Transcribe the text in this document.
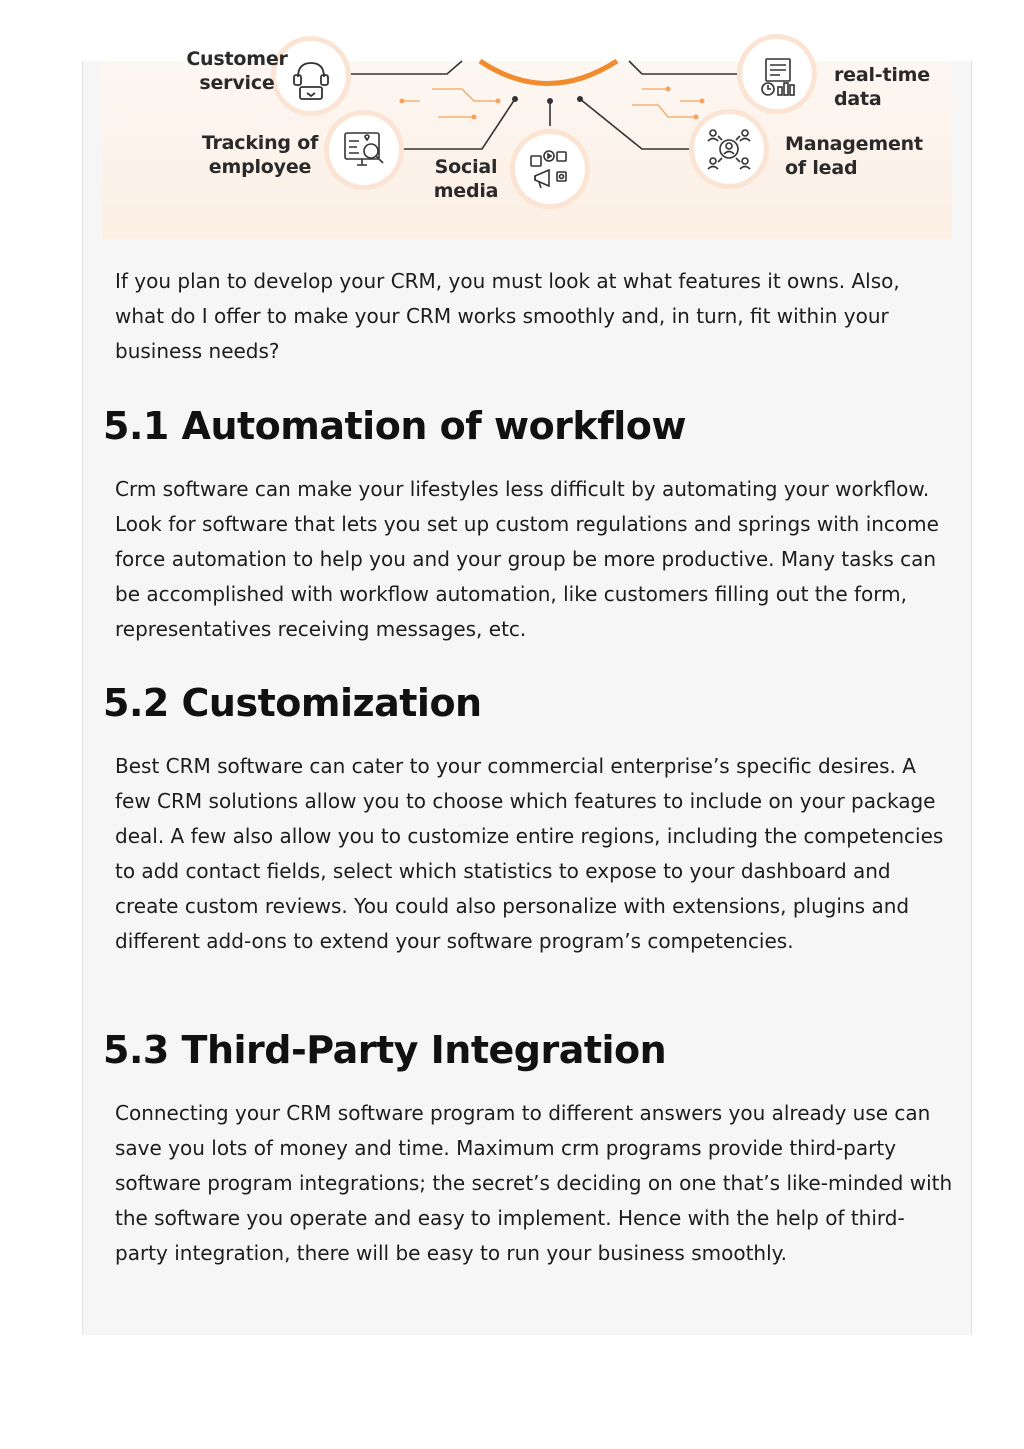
Customer
service	real-time
data
Tracking of
employee	Social
media
Management
of lead

If you plan to develop your CRM, you must look at what features it owns. Also, what do I offer to make your CRM works smoothly and, in turn, fit within your business needs?

5.1 Automation of workflow

Crm software can make your lifestyles less difficult by automating your workflow. Look for software that lets you set up custom regulations and springs with income force automation to help you and your group be more productive. Many tasks can be accomplished with workflow automation, like customers filling out the form, representatives receiving messages, etc.

5.2 Customization

Best CRM software can cater to your commercial enterprise’s specific desires. A few CRM solutions allow you to choose which features to include on your package deal. A few also allow you to customize entire regions, including the competencies to add contact fields, select which statistics to expose to your dashboard and create custom reviews. You could also personalize with extensions, plugins and different add-ons to extend your software program’s competencies.

5.3 Third-Party Integration

Connecting your CRM software program to different answers you already use can save you lots of money and time. Maximum crm programs provide third-party software program integrations; the secret’s deciding on one that’s like-minded with the software you operate and easy to implement. Hence with the help of third-party integration, there will be easy to run your business smoothly.
